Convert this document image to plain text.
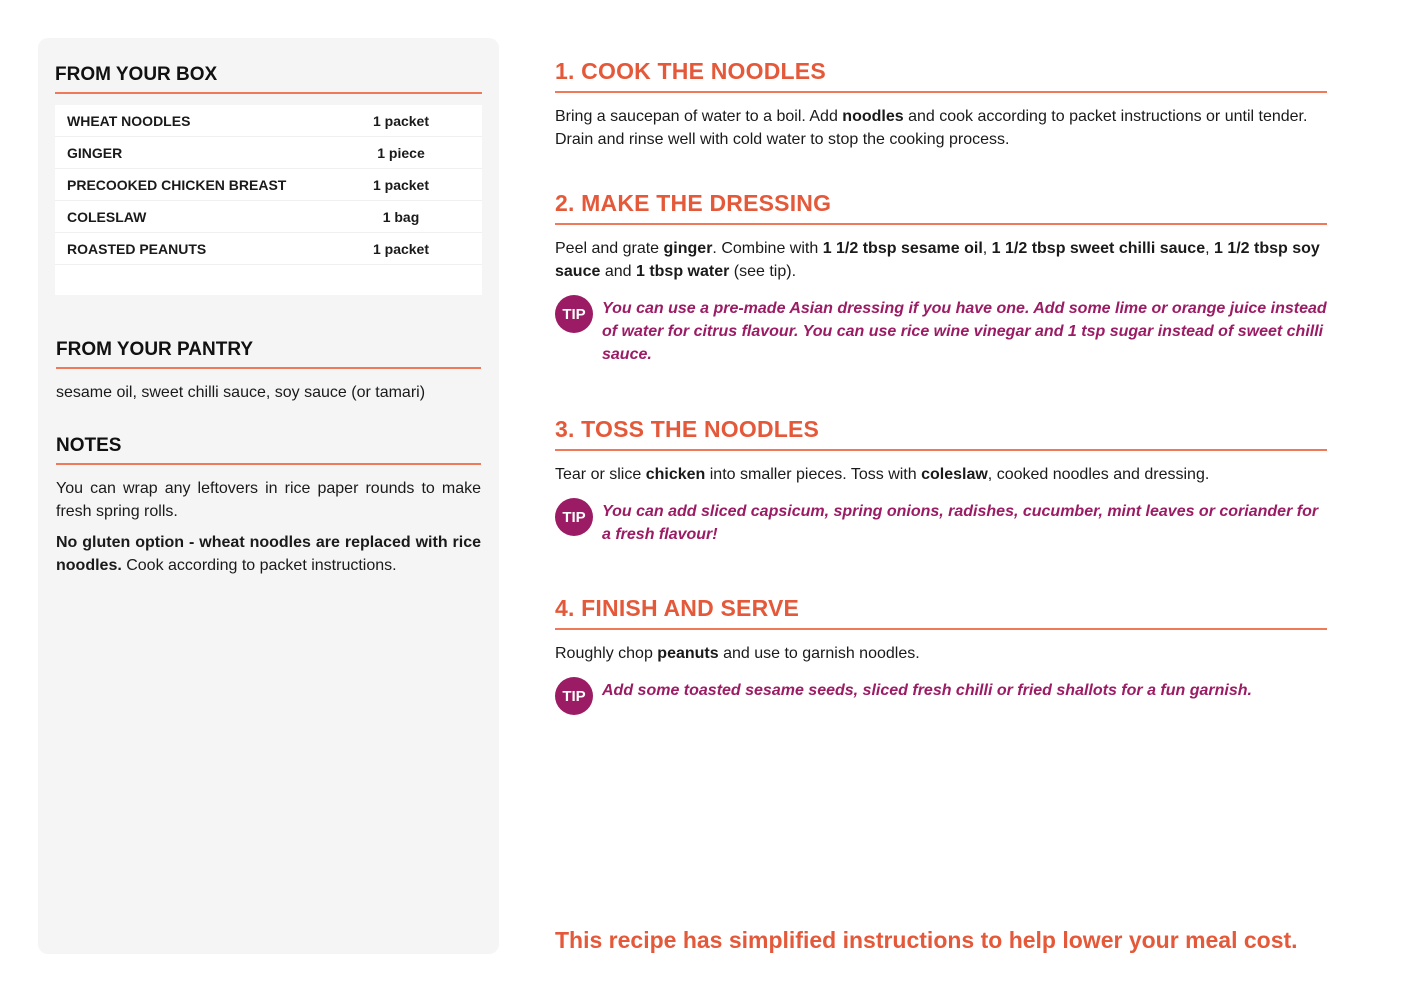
FROM YOUR BOX
WHEAT NOODLES	1 packet
GINGER	1 piece
PRECOOKED CHICKEN BREAST	1 packet
COLESLAW	1 bag
ROASTED PEANUTS	1 packet
FROM YOUR PANTRY
sesame oil, sweet chilli sauce, soy sauce (or tamari)
NOTES

You can wrap any leftovers in rice paper rounds to make fresh spring rolls.

No gluten option - wheat noodles are replaced with rice noodles. Cook according to packet instructions.

1. COOK THE NOODLES
Bring a saucepan of water to a boil. Add noodles and cook according to packet instructions or until tender. Drain and rinse well with cold water to stop the cooking process.
2. MAKE THE DRESSING
Peel and grate ginger. Combine with 1 1/2 tbsp sesame oil, 1 1/2 tbsp sweet chilli sauce, 1 1/2 tbsp soy sauce and 1 tbsp water (see tip).
TIP	You can use a pre-made Asian dressing if you have one. Add some lime or orange juice instead of water for citrus flavour. You can use rice wine vinegar and 1 tsp sugar instead of sweet chilli sauce.
3. TOSS THE NOODLES
Tear or slice chicken into smaller pieces. Toss with coleslaw, cooked noodles and dressing.
TIP	You can add sliced capsicum, spring onions, radishes, cucumber, mint leaves or coriander for a fresh flavour!
4. FINISH AND SERVE
Roughly chop peanuts and use to garnish noodles.
TIP	Add some toasted sesame seeds, sliced fresh chilli or fried shallots for a fun garnish.
This recipe has simplified instructions to help lower your meal cost.
